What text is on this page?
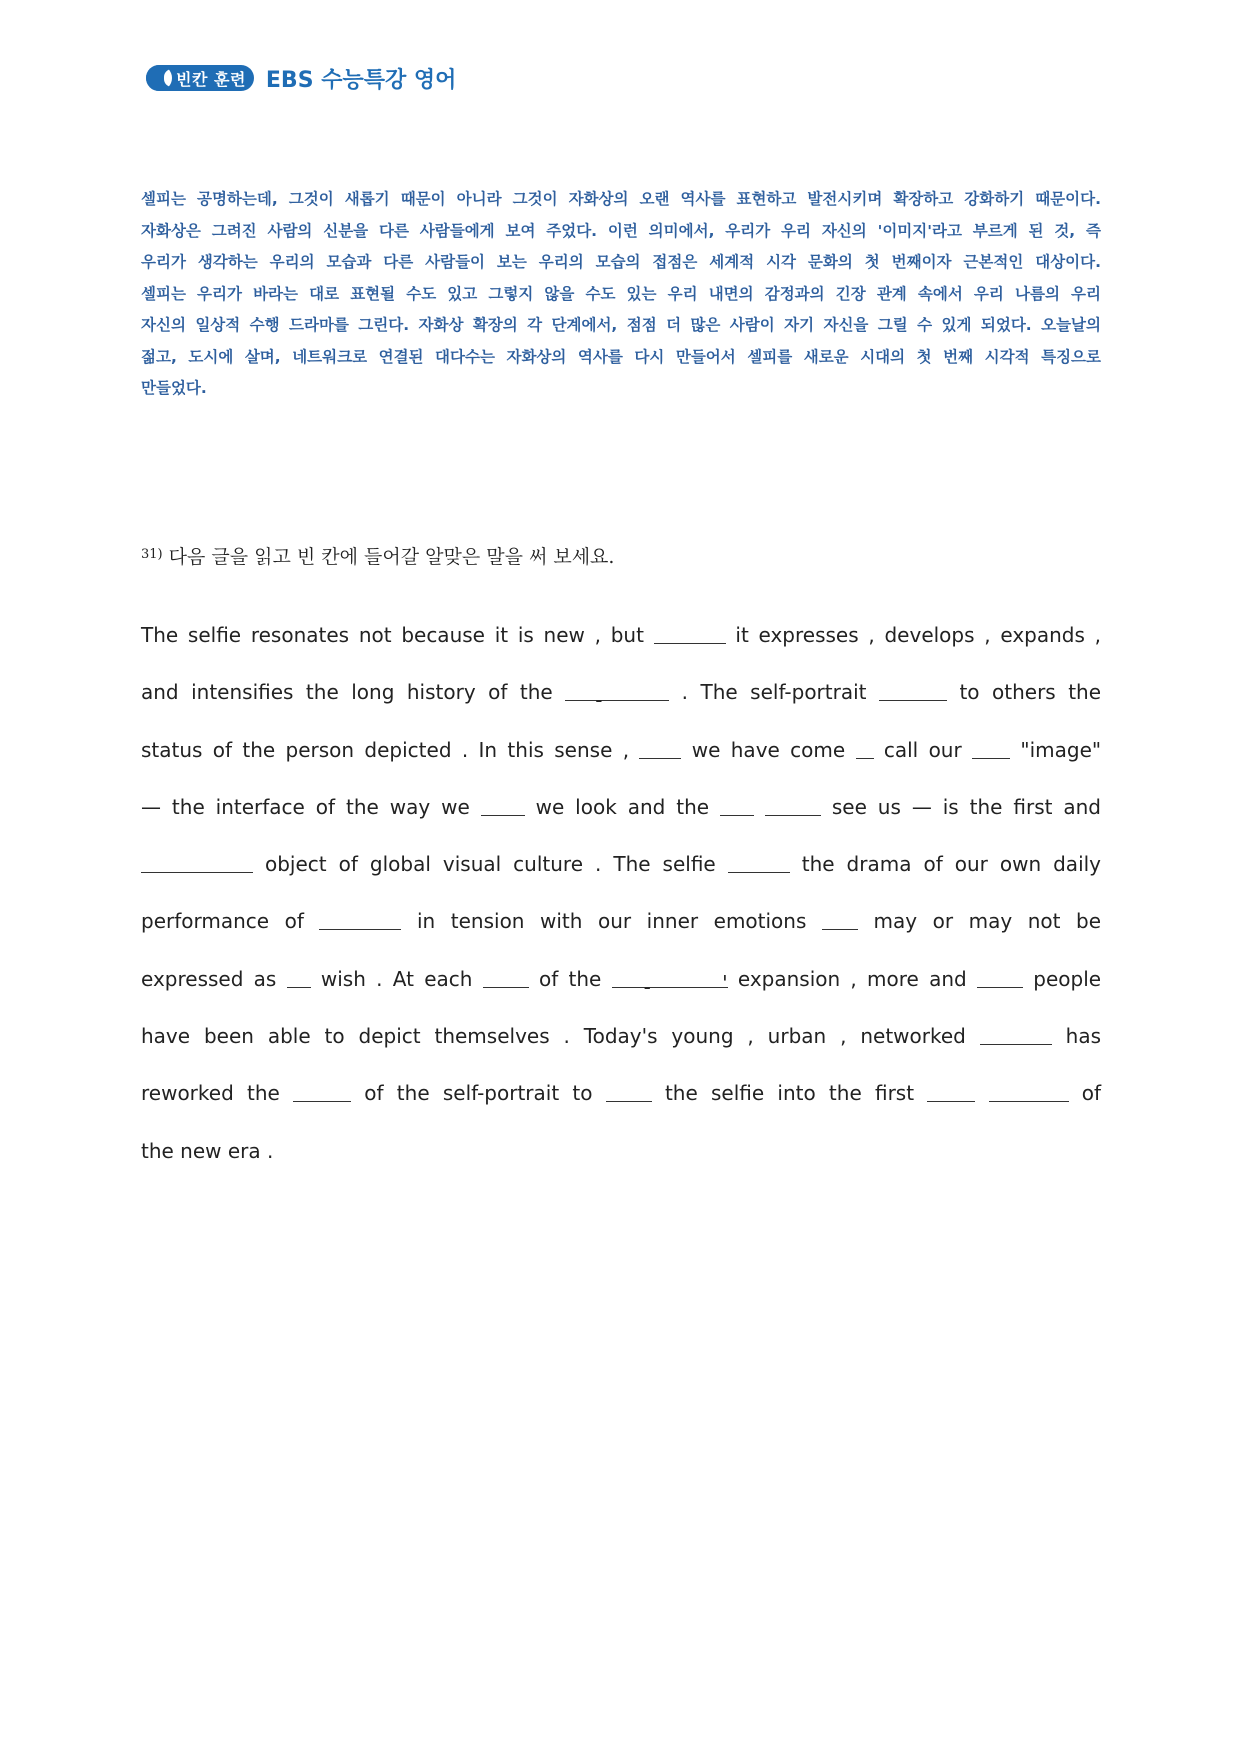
빈칸 훈련 EBS 수능특강 영어
셀피는 공명하는데, 그것이 새롭기 때문이 아니라 그것이 자화상의 오랜 역사를 표현하고 발전시키며 확장하고 강화하기 때문이다.
자화상은 그려진 사람의 신분을 다른 사람들에게 보여 주었다. 이런 의미에서, 우리가 우리 자신의 '이미지'라고 부르게 된 것, 즉
우리가 생각하는 우리의 모습과 다른 사람들이 보는 우리의 모습의 접점은 세계적 시각 문화의 첫 번째이자 근본적인 대상이다.
셀피는 우리가 바라는 대로 표현될 수도 있고 그렇지 않을 수도 있는 우리 내면의 감정과의 긴장 관계 속에서 우리 나름의 우리
자신의 일상적 수행 드라마를 그린다. 자화상 확장의 각 단계에서, 점점 더 많은 사람이 자기 자신을 그릴 수 있게 되었다. 오늘날의
젊고, 도시에 살며, 네트워크로 연결된 대다수는 자화상의 역사를 다시 만들어서 셀피를 새로운 시대의 첫 번째 시각적 특징으로
만들었다.
$^{31)}$ 다음 글을 읽고 빈 칸에 들어갈 알맞은 말을 써 보세요.
The selfie resonates not because it is new , but	it expresses , develops , expands ,
and intensifies the long history of the -	. The self-portrait	to others the
status of the person depicted . In this sense ,	we have come call our	"image"
— the interface of the way we	we look and the	see us — is the first and
object of global visual culture . The selfie	the drama of our own daily
performance of	in tension with our inner emotions	may or may not be
expressed as wish . At each	of the -	' expansion , more and	people
have been able to depict themselves . Today's young , urban , networked	has
reworked the	of the self-portrait to	the selfie into the first	of
the new era .
